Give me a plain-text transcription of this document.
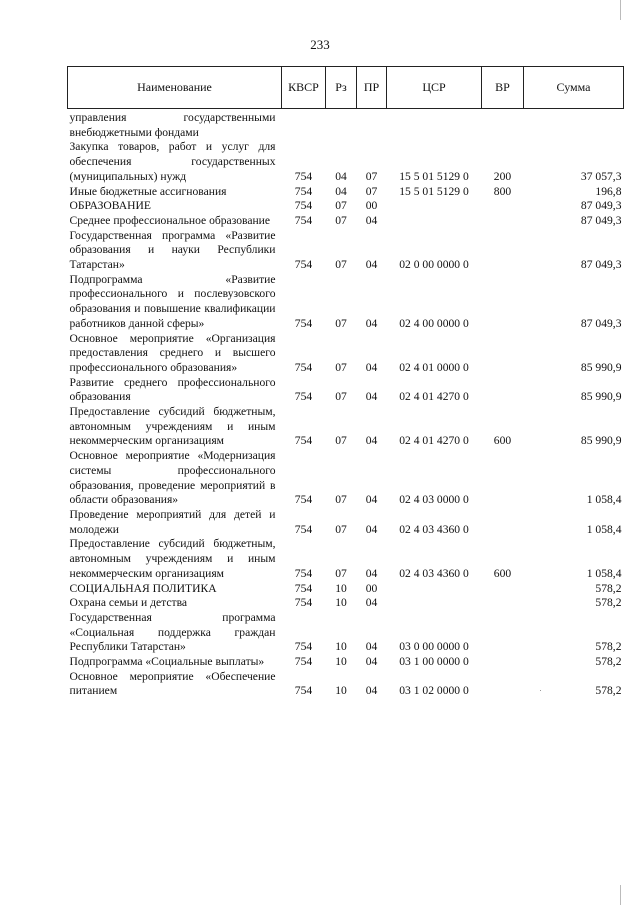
233
Наименование	КВСР	Рз	ПР	ЦСР	ВР	Сумма
управления государственными внебюджетными фондами						
Закупка товаров, работ и услуг для обеспечения государственных (муниципальных) нужд	754	04	07	15 5 01 5129 0	200	37 057,3
Иные бюджетные ассигнования	754	04	07	15 5 01 5129 0	800	196,8
ОБРАЗОВАНИЕ	754	07	00			87 049,3
Среднее профессиональное образование	754	07	04			87 049,3
Государственная программа «Развитие образования и науки Республики Татарстан»	754	07	04	02 0 00 0000 0		87 049,3
Подпрограмма «Развитие профессионального и послевузовского образования и повышение квалификации работников данной сферы»	754	07	04	02 4 00 0000 0		87 049,3
Основное мероприятие «Организация предоставления среднего и высшего профессионального образования»	754	07	04	02 4 01 0000 0		85 990,9
Развитие среднего профессионального образования	754	07	04	02 4 01 4270 0		85 990,9
Предоставление субсидий бюджетным, автономным учреждениям и иным некоммерческим организациям	754	07	04	02 4 01 4270 0	600	85 990,9
Основное мероприятие «Модернизация системы профессионального образования, проведение мероприятий в области образования»	754	07	04	02 4 03 0000 0		1 058,4
Проведение мероприятий для детей и молодежи	754	07	04	02 4 03 4360 0		1 058,4
Предоставление субсидий бюджетным, автономным учреждениям и иным некоммерческим организациям	754	07	04	02 4 03 4360 0	600	1 058,4
СОЦИАЛЬНАЯ ПОЛИТИКА	754	10	00			578,2
Охрана семьи и детства	754	10	04			578,2
Государственная программа «Социальная поддержка граждан Республики Татарстан»	754	10	04	03 0 00 0000 0		578,2
Подпрограмма «Социальные выплаты»	754	10	04	03 1 00 0000 0		578,2
Основное мероприятие «Обеспечение питанием	754	10	04	03 1 02 0000 0		578,2
